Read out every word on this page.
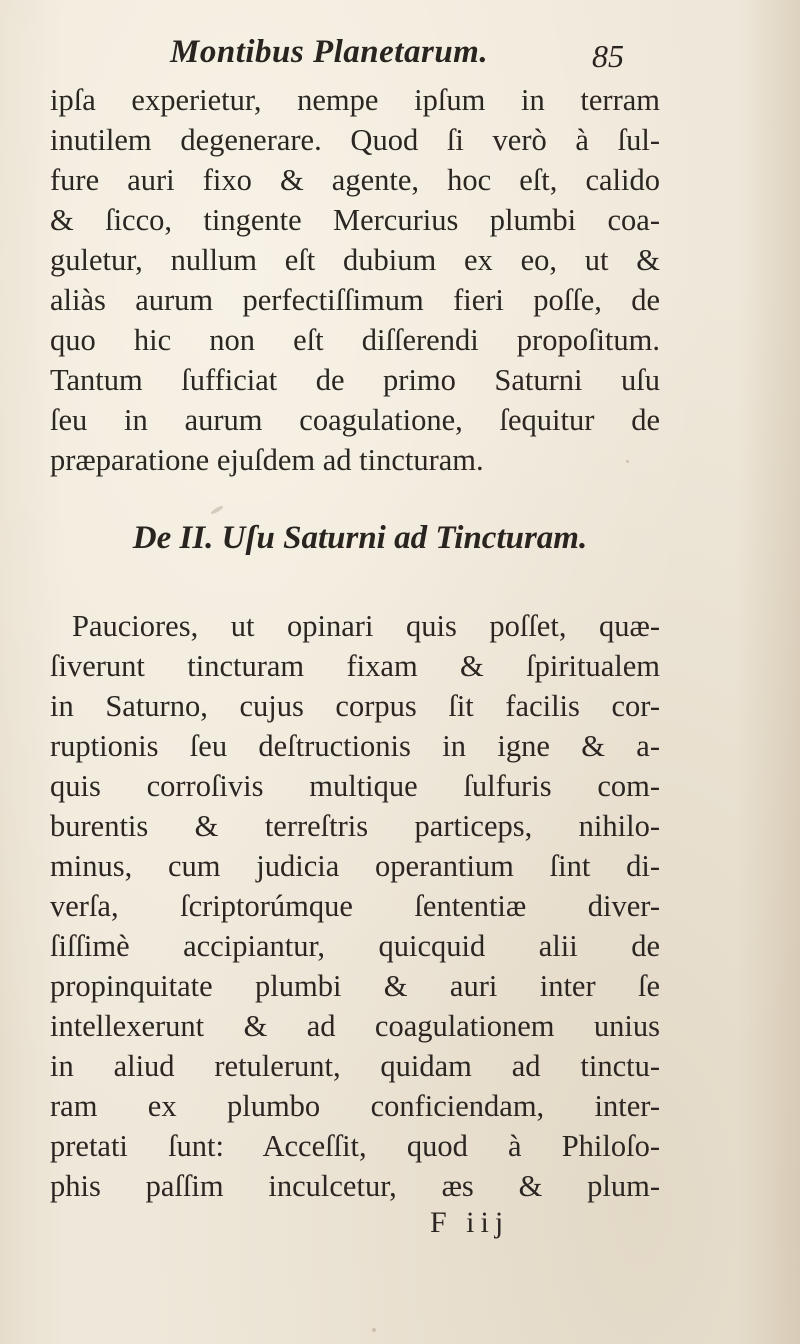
Montibus Planetarum.	85
ipſa experietur, nempe ipſum in terram
inutilem degenerare. Quod ſi verò à ſul-
fure auri fixo & agente, hoc eſt, calido
& ſicco, tingente Mercurius plumbi coa-
guletur, nullum eſt dubium ex eo, ut &
aliàs aurum perfectiſſimum fieri poſſe, de
quo hic non eſt diſſerendi propoſitum.
Tantum ſufficiat de primo Saturni uſu
ſeu in aurum coagulatione, ſequitur de
præparatione ejuſdem ad tincturam.
De II. Uſu Saturni ad Tincturam.
Pauciores, ut opinari quis poſſet, quæ-
ſiverunt tincturam fixam & ſpiritualem
in Saturno, cujus corpus ſit facilis cor-
ruptionis ſeu deſtructionis in igne & a-
quis corroſivis multique ſulfuris com-
burentis & terreſtris particeps, nihilo-
minus, cum judicia operantium ſint di-
verſa, ſcriptorúmque ſententiæ diver-
ſiſſimè accipiantur, quicquid alii de
propinquitate plumbi & auri inter ſe
intellexerunt & ad coagulationem unius
in aliud retulerunt, quidam ad tinctu-
ram ex plumbo conficiendam, inter-
pretati ſunt: Acceſſit, quod à Philoſo-
phis paſſim inculcetur, æs & plum-
F iij
